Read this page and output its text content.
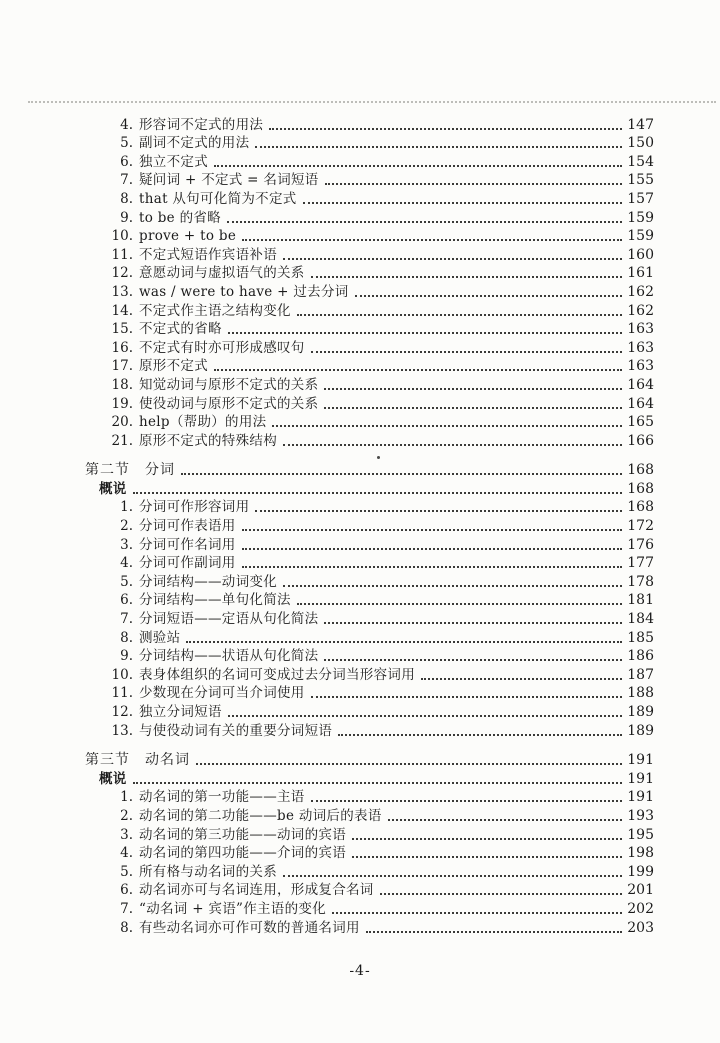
4. 形容词不定式的用法	147
5. 副词不定式的用法	150
6. 独立不定式	154
7. 疑问词 + 不定式 = 名词短语	155
8. that 从句可化简为不定式	157
9. to be 的省略	159
10. prove + to be	159
11. 不定式短语作宾语补语	160
12. 意愿动词与虚拟语气的关系	161
13. was / were to have + 过去分词	162
14. 不定式作主语之结构变化	162
15. 不定式的省略	163
16. 不定式有时亦可形成感叹句	163
17. 原形不定式	163
18. 知觉动词与原形不定式的关系	164
19. 使役动词与原形不定式的关系	164
20. help（帮助）的用法	165
21. 原形不定式的特殊结构	166
第二节　分词	168
概说	168
1. 分词可作形容词用	168
2. 分词可作表语用	172
3. 分词可作名词用	176
4. 分词可作副词用	177
5. 分词结构——动词变化	178
6. 分词结构——单句化简法	181
7. 分词短语——定语从句化简法	184
8. 测验站	185
9. 分词结构——状语从句化简法	186
10. 表身体组织的名词可变成过去分词当形容词用	187
11. 少数现在分词可当介词使用	188
12. 独立分词短语	189
13. 与使役动词有关的重要分词短语	189
第三节　动名词	191
概说	191
1. 动名词的第一功能——主语	191
2. 动名词的第二功能——be 动词后的表语	193
3. 动名词的第三功能——动词的宾语	195
4. 动名词的第四功能——介词的宾语	198
5. 所有格与动名词的关系	199
6. 动名词亦可与名词连用，形成复合名词	201
7. “动名词 + 宾语”作主语的变化	202
8. 有些动名词亦可作可数的普通名词用	203
-4-
